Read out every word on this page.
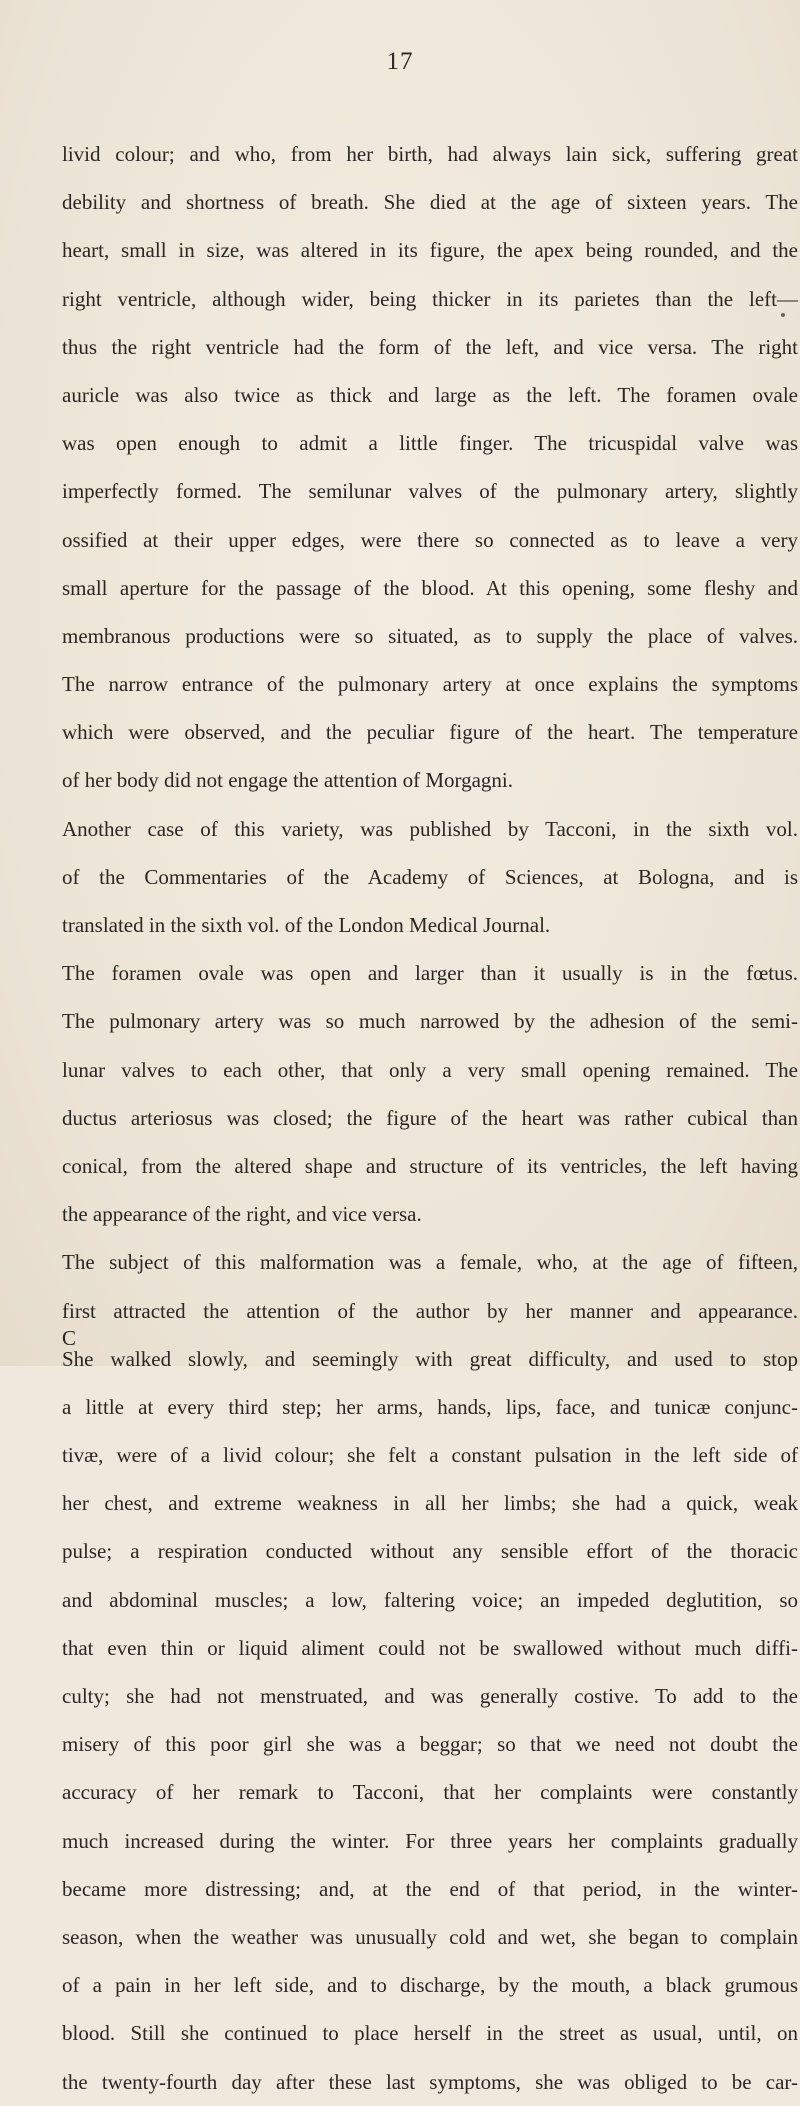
17
livid colour; and who, from her birth, had always lain sick, suffering great
debility and shortness of breath. She died at the age of sixteen years. The
heart, small in size, was altered in its figure, the apex being rounded, and the
right ventricle, although wider, being thicker in its parietes than the left—
thus the right ventricle had the form of the left, and vice versa. The right
auricle was also twice as thick and large as the left. The foramen ovale
was open enough to admit a little finger. The tricuspidal valve was
imperfectly formed. The semilunar valves of the pulmonary artery, slightly
ossified at their upper edges, were there so connected as to leave a very
small aperture for the passage of the blood. At this opening, some fleshy and
membranous productions were so situated, as to supply the place of valves.
The narrow entrance of the pulmonary artery at once explains the symptoms
which were observed, and the peculiar figure of the heart. The temperature
of her body did not engage the attention of Morgagni.
Another case of this variety, was published by Tacconi, in the sixth vol.
of the Commentaries of the Academy of Sciences, at Bologna, and is
translated in the sixth vol. of the London Medical Journal.
The foramen ovale was open and larger than it usually is in the fœtus.
The pulmonary artery was so much narrowed by the adhesion of the semi-
lunar valves to each other, that only a very small opening remained. The
ductus arteriosus was closed; the figure of the heart was rather cubical than
conical, from the altered shape and structure of its ventricles, the left having
the appearance of the right, and vice versa.
The subject of this malformation was a female, who, at the age of fifteen,
first attracted the attention of the author by her manner and appearance.
She walked slowly, and seemingly with great difficulty, and used to stop
a little at every third step; her arms, hands, lips, face, and tunicæ conjunc-
tivæ, were of a livid colour; she felt a constant pulsation in the left side of
her chest, and extreme weakness in all her limbs; she had a quick, weak
pulse; a respiration conducted without any sensible effort of the thoracic
and abdominal muscles; a low, faltering voice; an impeded deglutition, so
that even thin or liquid aliment could not be swallowed without much diffi-
culty; she had not menstruated, and was generally costive. To add to the
misery of this poor girl she was a beggar; so that we need not doubt the
accuracy of her remark to Tacconi, that her complaints were constantly
much increased during the winter. For three years her complaints gradually
became more distressing; and, at the end of that period, in the winter-
season, when the weather was unusually cold and wet, she began to complain
of a pain in her left side, and to discharge, by the mouth, a black grumous
blood. Still she continued to place herself in the street as usual, until, on
the twenty-fourth day after these last symptoms, she was obliged to be car-
C
